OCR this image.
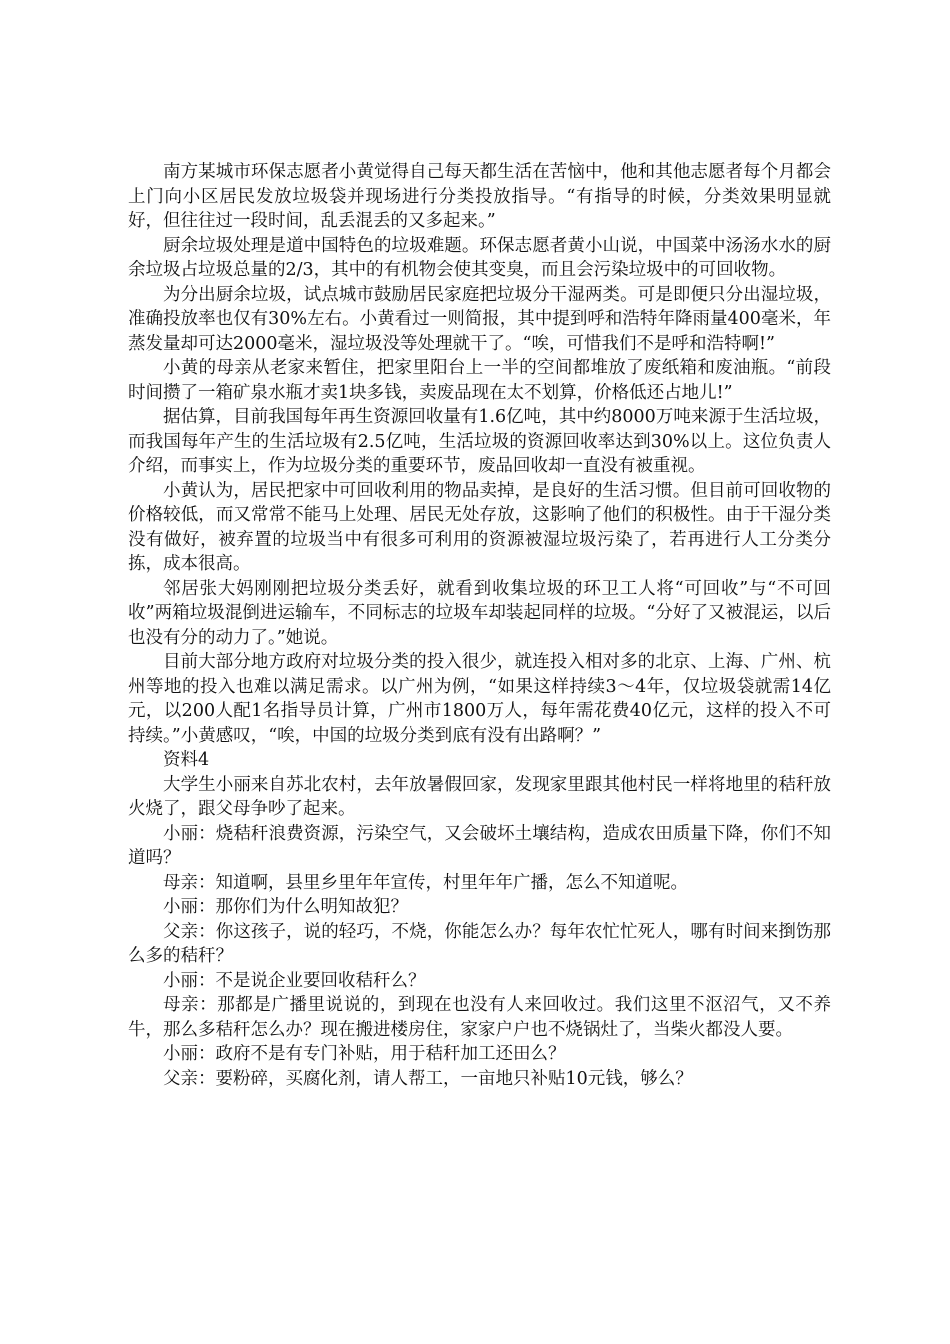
南方某城市环保志愿者小黄觉得自己每天都生活在苦恼中，他和其他志愿者每个月都会上门向小区居民发放垃圾袋并现场进行分类投放指导。“有指导的时候，分类效果明显就好，但往往过一段时间，乱丢混丢的又多起来。”

厨余垃圾处理是道中国特色的垃圾难题。环保志愿者黄小山说，中国菜中汤汤水水的厨余垃圾占垃圾总量的2/3，其中的有机物会使其变臭，而且会污染垃圾中的可回收物。

为分出厨余垃圾，试点城市鼓励居民家庭把垃圾分干湿两类。可是即便只分出湿垃圾，准确投放率也仅有30%左右。小黄看过一则简报，其中提到呼和浩特年降雨量400毫米，年蒸发量却可达2000毫米，湿垃圾没等处理就干了。“唉，可惜我们不是呼和浩特啊!”

小黄的母亲从老家来暂住，把家里阳台上一半的空间都堆放了废纸箱和废油瓶。“前段时间攒了一箱矿泉水瓶才卖1块多钱，卖废品现在太不划算，价格低还占地儿!”

据估算，目前我国每年再生资源回收量有1.6亿吨，其中约8000万吨来源于生活垃圾，而我国每年产生的生活垃圾有2.5亿吨，生活垃圾的资源回收率达到30%以上。这位负责人介绍，而事实上，作为垃圾分类的重要环节，废品回收却一直没有被重视。

小黄认为，居民把家中可回收利用的物品卖掉，是良好的生活习惯。但目前可回收物的价格较低，而又常常不能马上处理、居民无处存放，这影响了他们的积极性。由于干湿分类没有做好，被弃置的垃圾当中有很多可利用的资源被湿垃圾污染了，若再进行人工分类分拣，成本很高。

邻居张大妈刚刚把垃圾分类丢好，就看到收集垃圾的环卫工人将“可回收”与“不可回收”两箱垃圾混倒进运输车，不同标志的垃圾车却装起同样的垃圾。“分好了又被混运，以后也没有分的动力了。”她说。

目前大部分地方政府对垃圾分类的投入很少，就连投入相对多的北京、上海、广州、杭州等地的投入也难以满足需求。以广州为例，“如果这样持续3～4年，仅垃圾袋就需14亿元，以200人配1名指导员计算，广州市1800万人，每年需花费40亿元，这样的投入不可持续。”小黄感叹，“唉，中国的垃圾分类到底有没有出路啊？”

资料4

大学生小丽来自苏北农村，去年放暑假回家，发现家里跟其他村民一样将地里的秸秆放火烧了，跟父母争吵了起来。

小丽：烧秸秆浪费资源，污染空气，又会破坏土壤结构，造成农田质量下降，你们不知道吗？

母亲：知道啊，县里乡里年年宣传，村里年年广播，怎么不知道呢。

小丽：那你们为什么明知故犯？

父亲：你这孩子，说的轻巧，不烧，你能怎么办？每年农忙忙死人，哪有时间来捯饬那么多的秸秆？

小丽：不是说企业要回收秸秆么？

母亲：那都是广播里说说的，到现在也没有人来回收过。我们这里不沤沼气，又不养牛，那么多秸秆怎么办？现在搬进楼房住，家家户户也不烧锅灶了，当柴火都没人要。

小丽：政府不是有专门补贴，用于秸秆加工还田么？

父亲：要粉碎，买腐化剂，请人帮工，一亩地只补贴10元钱，够么？
